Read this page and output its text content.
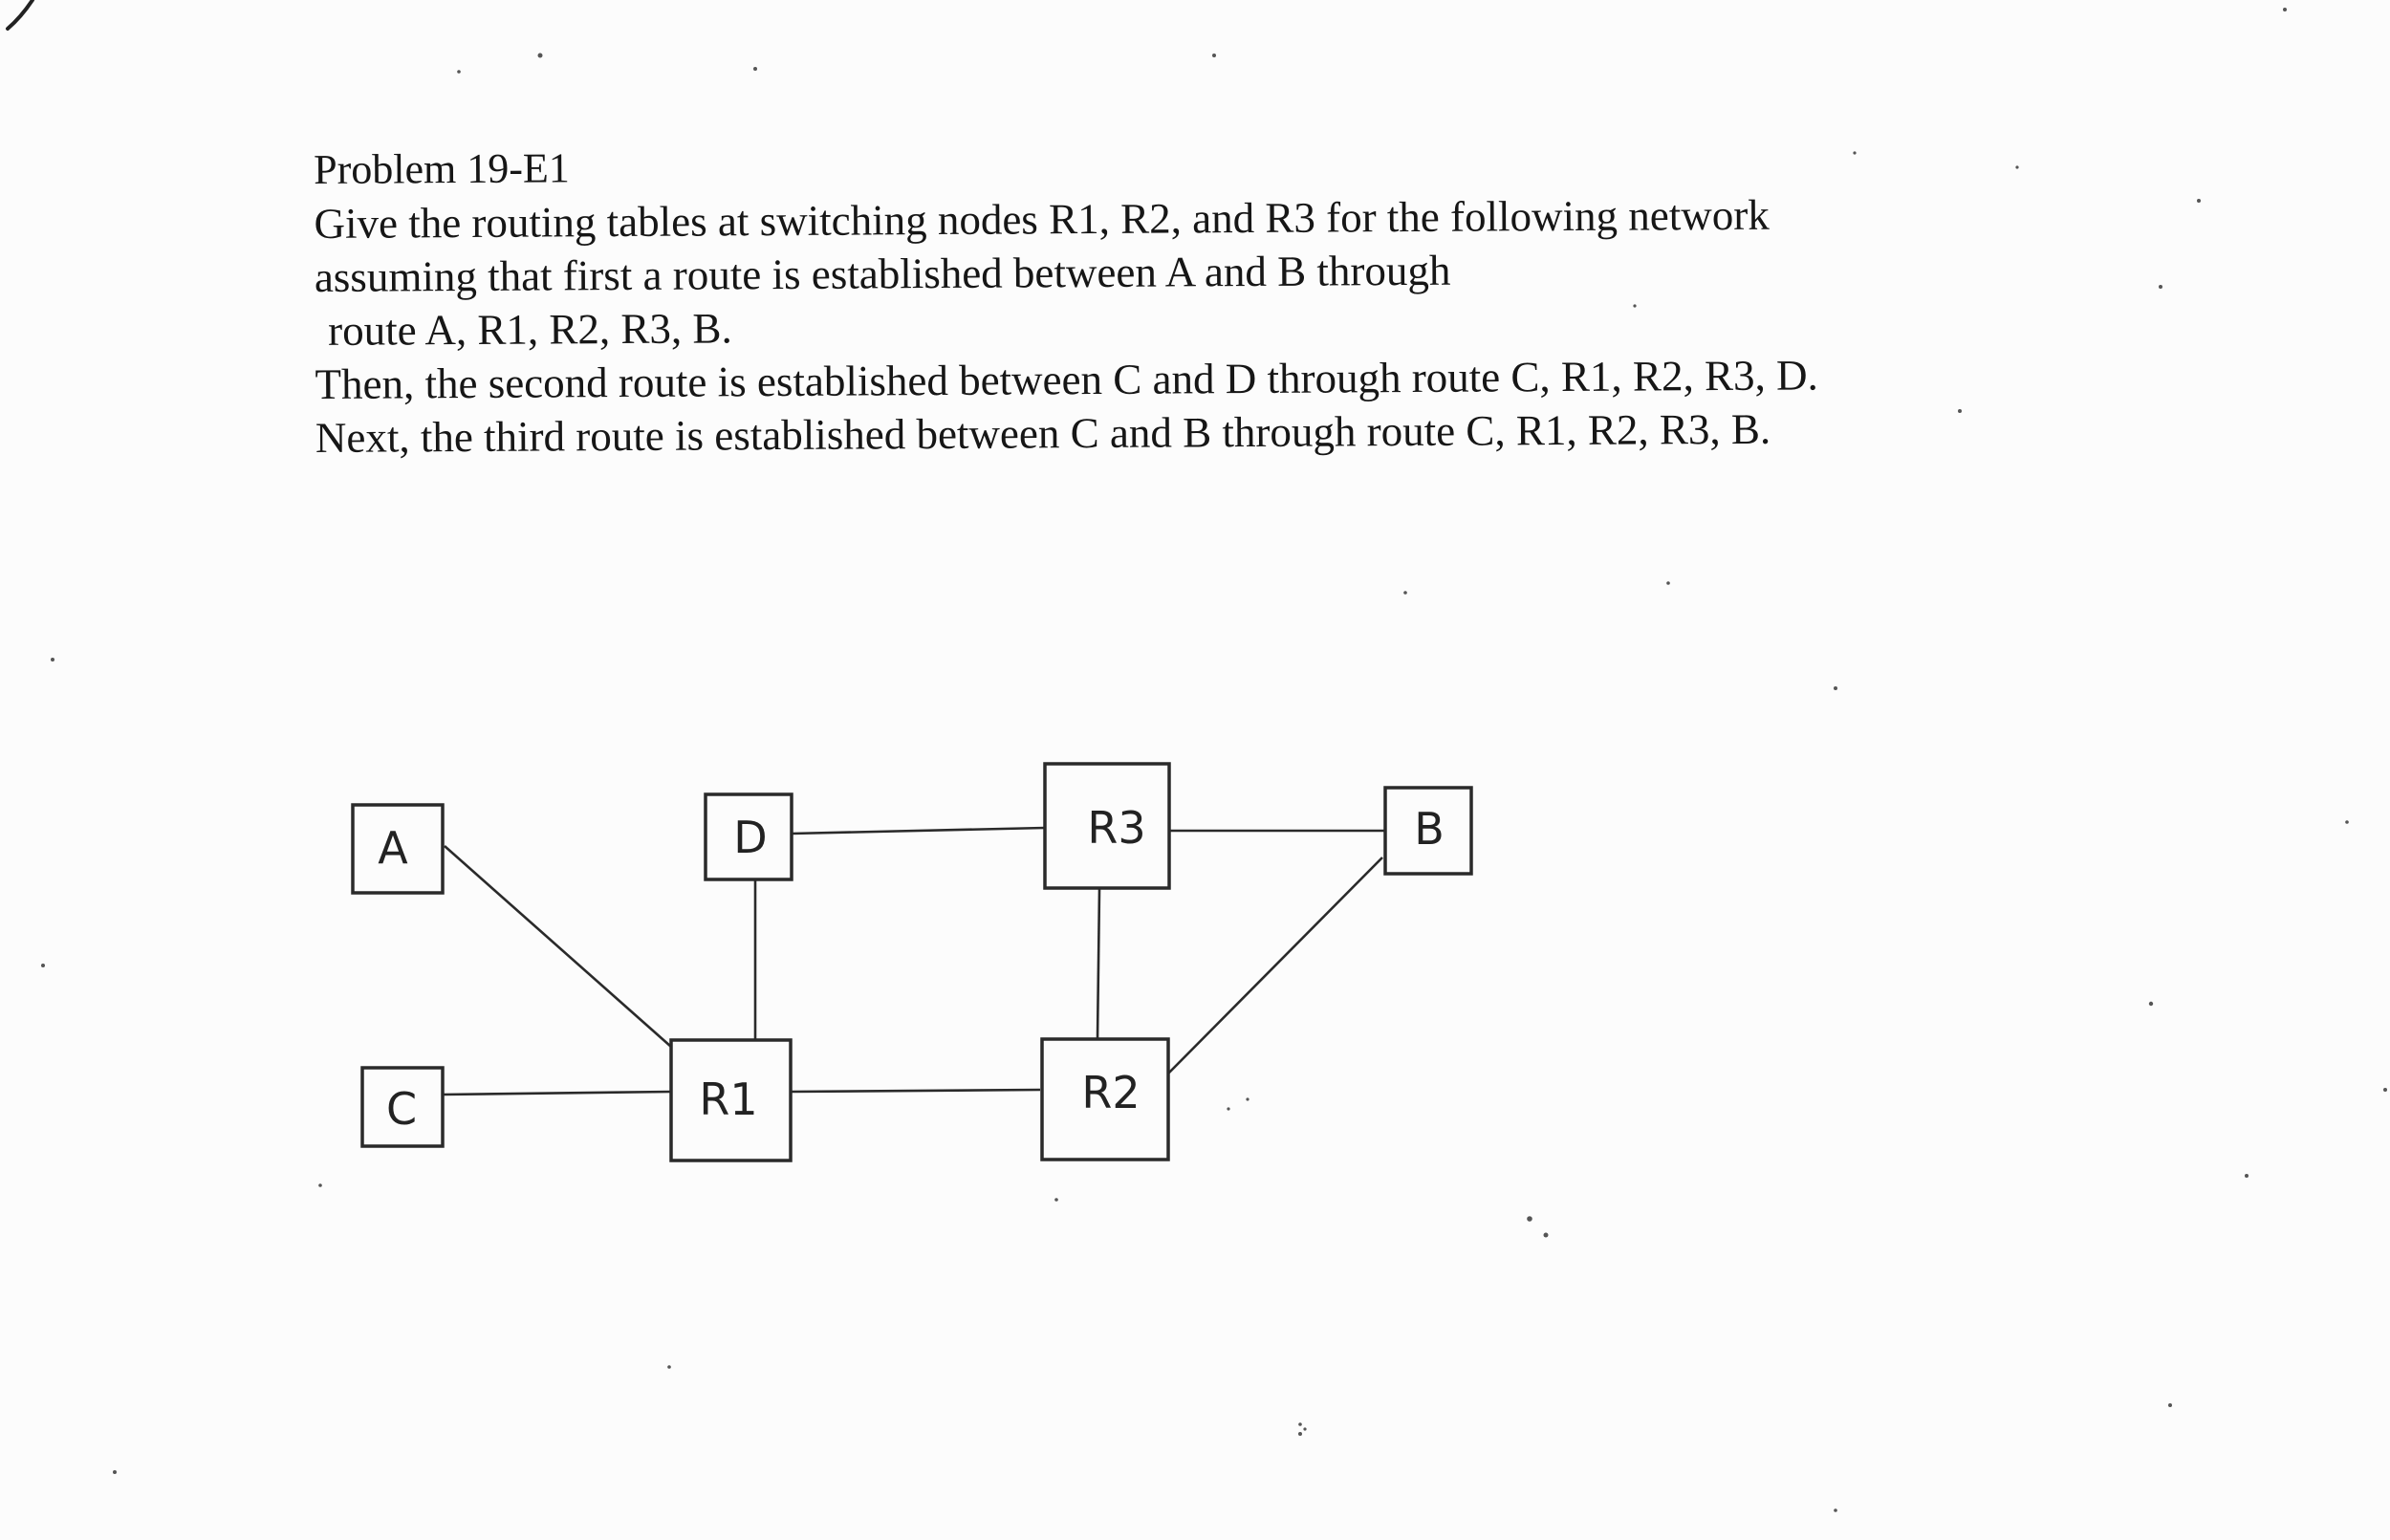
Problem 19-E1
Give the routing tables at switching nodes R1, R2, and R3 for the following network
assuming that first a route is established between A and B through
route A, R1, R2, R3, B.
Then, the second route is established between C and D through route C, R1, R2, R3, D.
Next, the third route is established between C and B through route C, R1, R2, R3, B.
A
C
D
R1
R3
R2
B
